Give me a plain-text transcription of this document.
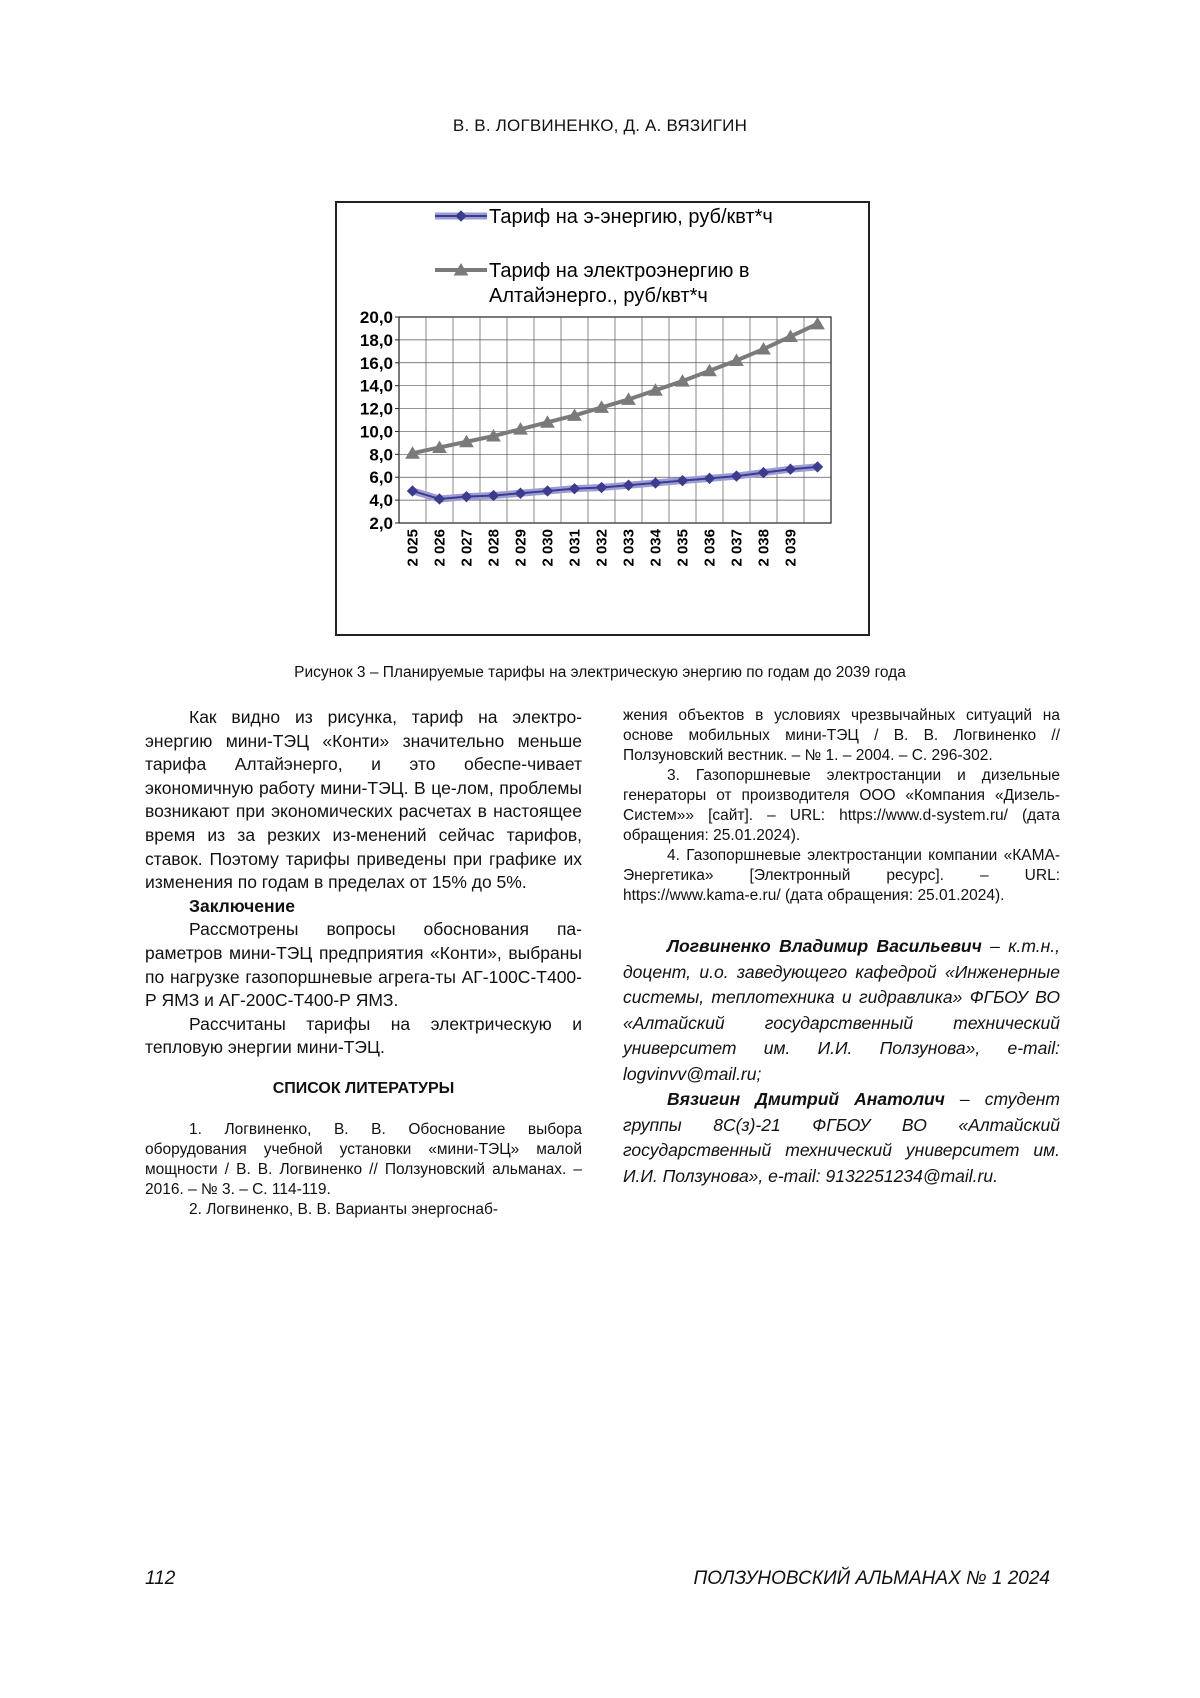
В. В. ЛОГВИНЕНКО, Д. А. ВЯЗИГИН
Тариф на э-энергию, руб/квт*ч
Тариф на электроэнергию в
Алтайэнерго., руб/квт*ч
20,0
18,0
16,0
14,0
12,0
10,0
8,0
6,0
4,0
2,0
2 025 2 026 2 027 2 028 2 029 2 030 2 031 2 032 2 033 2 034 2 035 2 036 2 037 2 038 2 039
Рисунок 3 – Планируемые тарифы на электрическую энергию по годам до 2039 года

Как видно из рисунка, тариф на электро-энергию мини-ТЭЦ «Конти» значительно меньше тарифа Алтайэнерго, и это обеспе-чивает экономичную работу мини-ТЭЦ. В це-лом, проблемы возникают при экономических расчетах в настоящее время из за резких из-менений сейчас тарифов, ставок. Поэтому тарифы приведены при графике их изменения по годам в пределах от 15% до 5%.

Заключение

Рассмотрены вопросы обоснования па-раметров мини-ТЭЦ предприятия «Конти», выбраны по нагрузке газопоршневые агрега-ты АГ-100С-Т400-Р ЯМЗ и АГ-200С-Т400-Р ЯМЗ.

Рассчитаны тарифы на электрическую и тепловую энергии мини-ТЭЦ.

СПИСОК ЛИТЕРАТУРЫ

1. Логвиненко, В. В. Обоснование выбора оборудования учебной установки «мини-ТЭЦ» малой мощности / В. В. Логвиненко // Ползуновский альманах. – 2016. – № 3. – С. 114-119.

2. Логвиненко, В. В. Варианты энергоснаб-

жения объектов в условиях чрезвычайных ситуаций на основе мобильных мини-ТЭЦ / В. В. Логвиненко // Ползуновский вестник. – № 1. – 2004. – С. 296-302.

3. Газопоршневые электростанции и дизельные генераторы от производителя ООО «Компания «Дизель-Систем»» [сайт]. – URL: https://www.d-system.ru/ (дата обращения: 25.01.2024).

4. Газопоршневые электростанции компании «КАМА-Энергетика» [Электронный ресурс]. – URL: https://www.kama-e.ru/ (дата обращения: 25.01.2024).

Логвиненко Владимир Васильевич – к.т.н., доцент, и.о. заведующего кафедрой «Инженерные системы, теплотехника и гидравлика» ФГБОУ ВО «Алтайский государственный технический университет им. И.И. Ползунова», e-mail: logvinvv@mail.ru;

Вязигин Дмитрий Анатолич – студент группы 8С(з)-21 ФГБОУ ВО «Алтайский государственный технический университет им. И.И. Ползунова», e-mail: 9132251234@mail.ru.

112	ПОЛЗУНОВСКИЙ АЛЬМАНАХ № 1 2024
